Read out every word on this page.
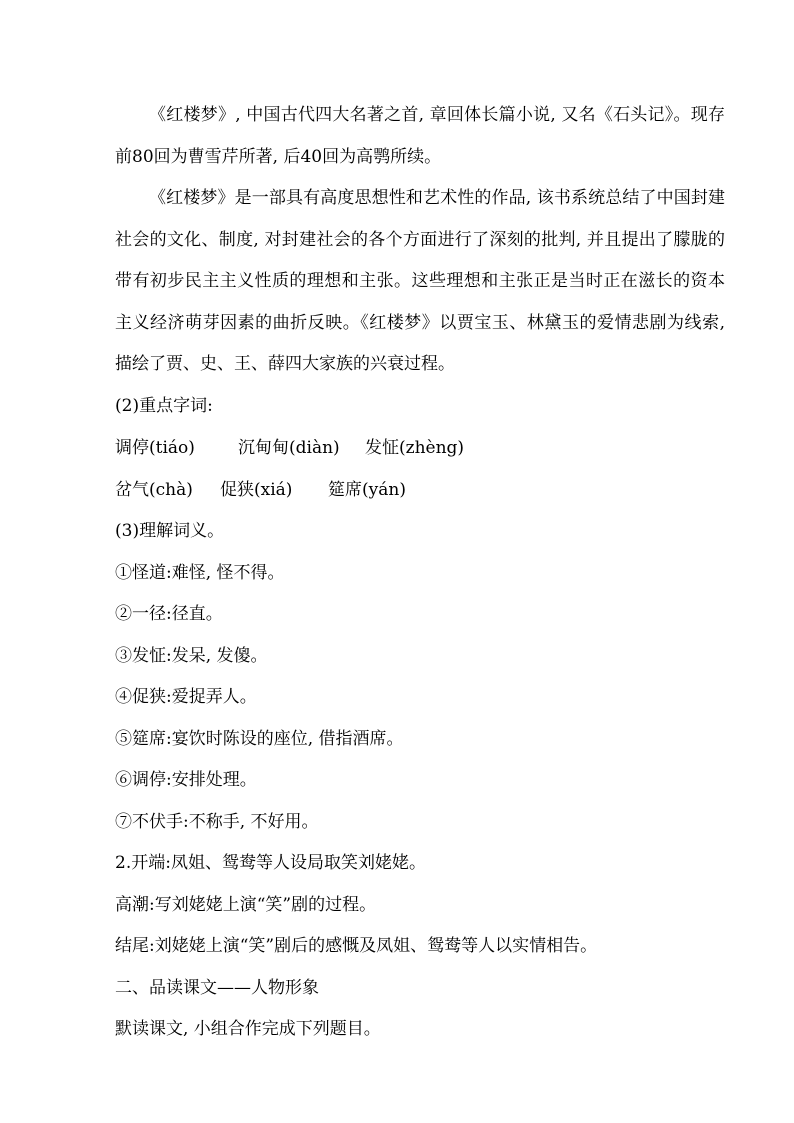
《红楼梦》, 中国古代四大名著之首, 章回体长篇小说, 又名《石头记》。现存前80回为曹雪芹所著, 后40回为高鹗所续。

《红楼梦》是一部具有高度思想性和艺术性的作品, 该书系统总结了中国封建社会的文化、制度, 对封建社会的各个方面进行了深刻的批判, 并且提出了朦胧的带有初步民主主义性质的理想和主张。这些理想和主张正是当时正在滋长的资本主义经济萌芽因素的曲折反映。《红楼梦》以贾宝玉、林黛玉的爱情悲剧为线索, 描绘了贾、史、王、薛四大家族的兴衰过程。

(2)重点字词:

调停(tiáo)	沉甸甸(diàn) 发怔(zhèng)

岔气(chà) 促狭(xiá) 筵席(yán)

(3)理解词义。

①怪道:难怪, 怪不得。

②一径:径直。

③发怔:发呆, 发傻。

④促狭:爱捉弄人。

⑤筵席:宴饮时陈设的座位, 借指酒席。

⑥调停:安排处理。

⑦不伏手:不称手, 不好用。

2.开端:凤姐、鸳鸯等人设局取笑刘姥姥。

高潮:写刘姥姥上演“笑”剧的过程。

结尾:刘姥姥上演“笑”剧后的感慨及凤姐、鸳鸯等人以实情相告。

二、品读课文——人物形象

默读课文, 小组合作完成下列题目。
